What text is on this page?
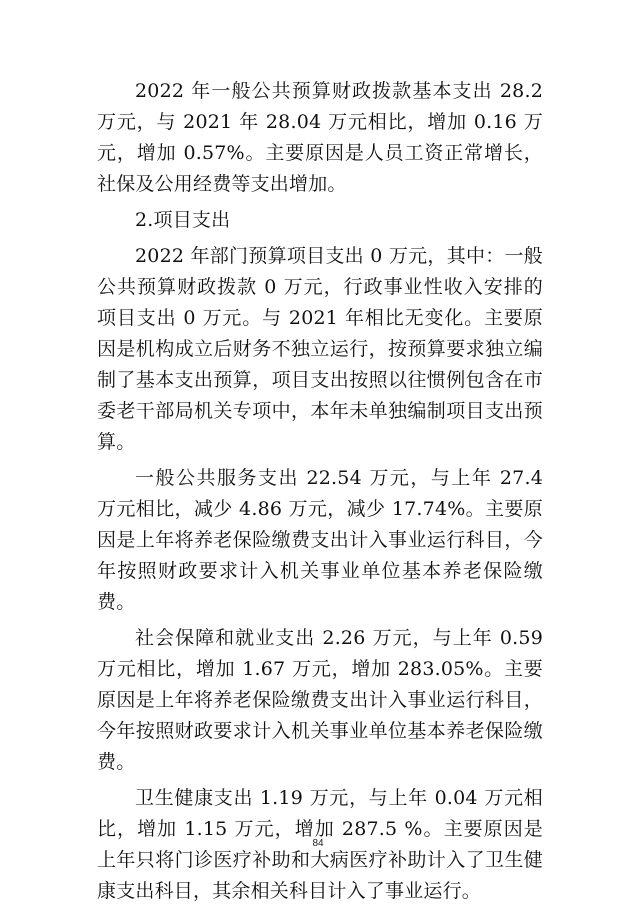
2022 年一般公共预算财政拨款基本支出 28.2 万元，与 2021 年 28.04 万元相比，增加 0.16 万元，增加 0.57%。主要原因是人员工资正常增长，社保及公用经费等支出增加。

2.项目支出

2022 年部门预算项目支出 0 万元，其中：一般公共预算财政拨款 0 万元，行政事业性收入安排的项目支出 0 万元。与 2021 年相比无变化。主要原因是机构成立后财务不独立运行，按预算要求独立编制了基本支出预算，项目支出按照以往惯例包含在市委老干部局机关专项中，本年未单独编制项目支出预算。

一般公共服务支出 22.54 万元，与上年 27.4 万元相比，减少 4.86 万元，减少 17.74%。主要原因是上年将养老保险缴费支出计入事业运行科目，今年按照财政要求计入机关事业单位基本养老保险缴费。

社会保障和就业支出 2.26 万元，与上年 0.59 万元相比，增加 1.67 万元，增加 283.05%。主要原因是上年将养老保险缴费支出计入事业运行科目，今年按照财政要求计入机关事业单位基本养老保险缴费。

卫生健康支出 1.19 万元，与上年 0.04 万元相比，增加 1.15 万元，增加 287.5 %。主要原因是上年只将门诊医疗补助和大病医疗补助计入了卫生健康支出科目，其余相关科目计入了事业运行。

84
